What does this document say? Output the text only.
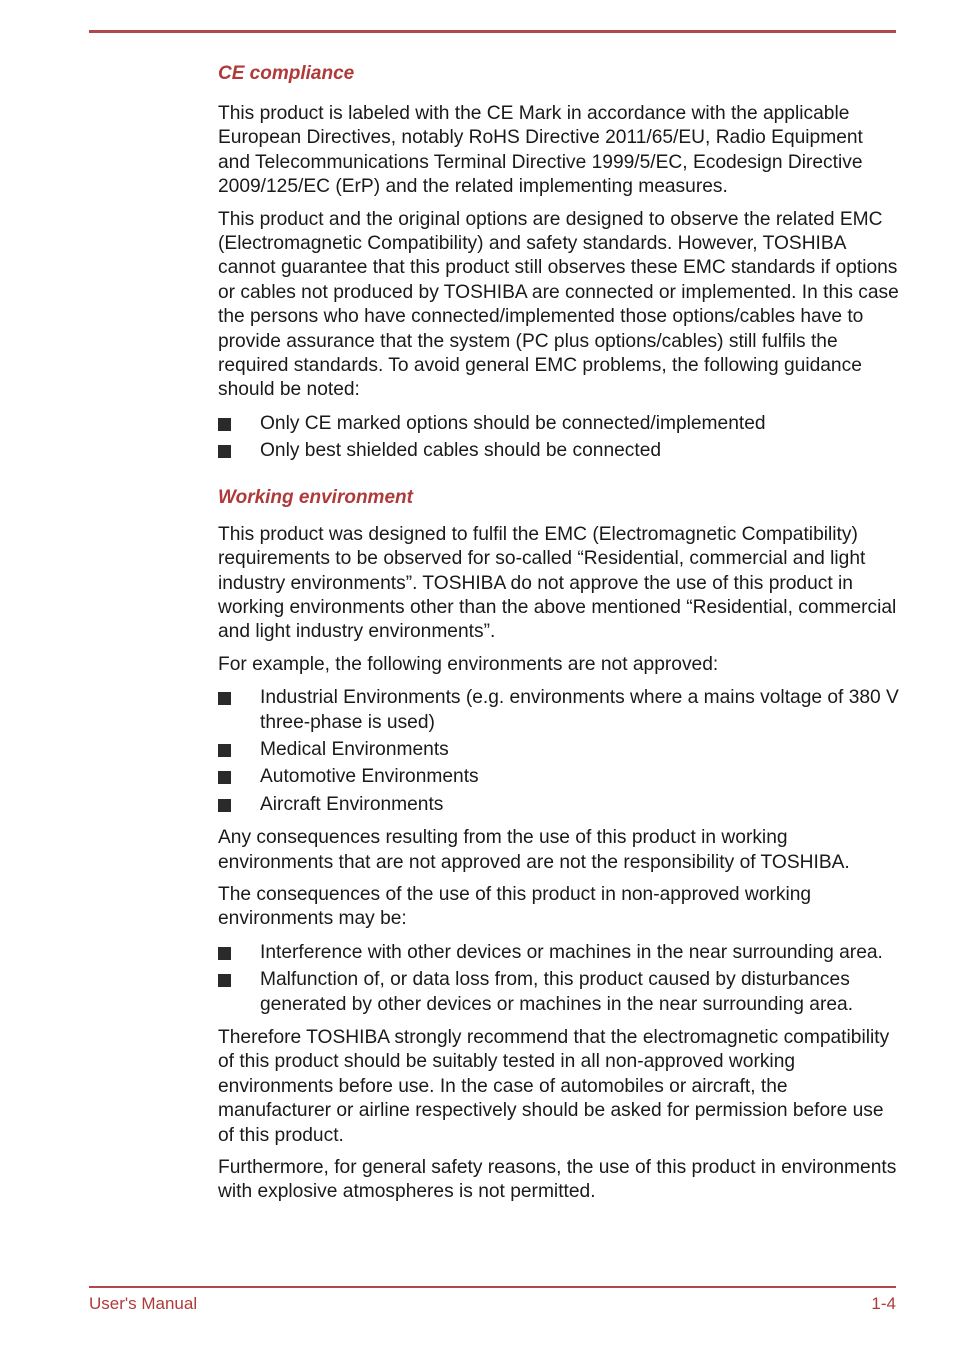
CE compliance

This product is labeled with the CE Mark in accordance with the applicable European Directives, notably RoHS Directive 2011/65/EU, Radio Equipment and Telecommunications Terminal Directive 1999/5/EC, Ecodesign Directive 2009/125/EC (ErP) and the related implementing measures.

This product and the original options are designed to observe the related EMC (Electromagnetic Compatibility) and safety standards. However, TOSHIBA cannot guarantee that this product still observes these EMC standards if options or cables not produced by TOSHIBA are connected or implemented. In this case the persons who have connected/implemented those options/cables have to provide assurance that the system (PC plus options/cables) still fulfils the required standards. To avoid general EMC problems, the following guidance should be noted:

Only CE marked options should be connected/implemented
Only best shielded cables should be connected
Working environment

This product was designed to fulfil the EMC (Electromagnetic Compatibility) requirements to be observed for so-called “Residential, commercial and light industry environments”. TOSHIBA do not approve the use of this product in working environments other than the above mentioned “Residential, commercial and light industry environments”.

For example, the following environments are not approved:

Industrial Environments (e.g. environments where a mains voltage of 380 V three-phase is used)
Medical Environments
Automotive Environments
Aircraft Environments

Any consequences resulting from the use of this product in working environments that are not approved are not the responsibility of TOSHIBA.

The consequences of the use of this product in non-approved working environments may be:

Interference with other devices or machines in the near surrounding area.
Malfunction of, or data loss from, this product caused by disturbances generated by other devices or machines in the near surrounding area.

Therefore TOSHIBA strongly recommend that the electromagnetic compatibility of this product should be suitably tested in all non-approved working environments before use. In the case of automobiles or aircraft, the manufacturer or airline respectively should be asked for permission before use of this product.

Furthermore, for general safety reasons, the use of this product in environments with explosive atmospheres is not permitted.

User's Manual	1-4
